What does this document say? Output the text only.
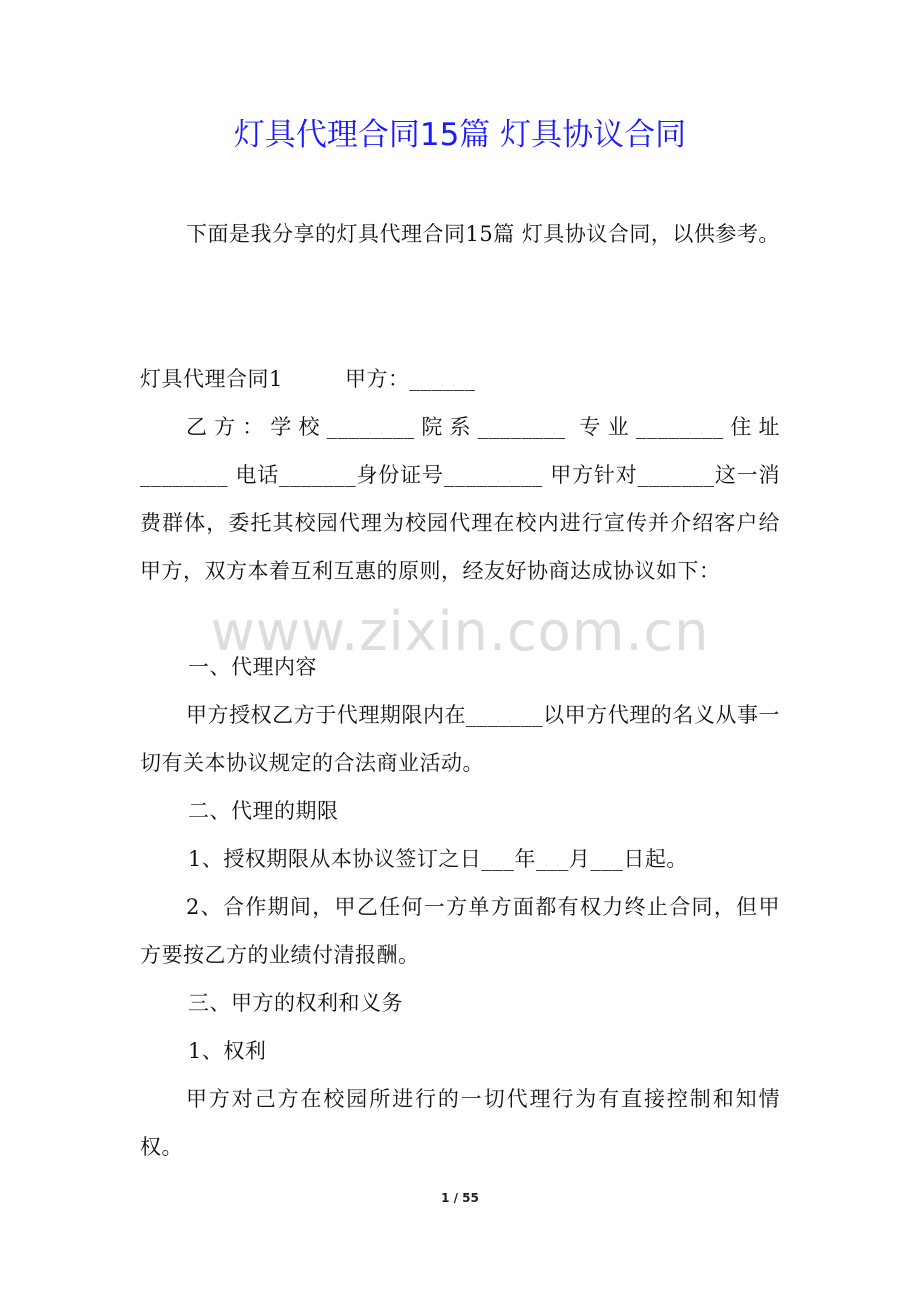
灯具代理合同15篇 灯具协议合同

下面是我分享的灯具代理合同15篇 灯具协议合同，以供参考。

灯具代理合同1	甲方：______

乙方：学校________院系________ 专业________住址________ 电话_______身份证号_________ 甲方针对_______这一消费群体，委托其校园代理为校园代理在校内进行宣传并介绍客户给甲方，双方本着互利互惠的原则，经友好协商达成协议如下：

一、代理内容

甲方授权乙方于代理期限内在_______以甲方代理的名义从事一切有关本协议规定的合法商业活动。

二、代理的期限

1、授权期限从本协议签订之日___年___月___日起。

2、合作期间，甲乙任何一方单方面都有权力终止合同，但甲方要按乙方的业绩付清报酬。

三、甲方的权利和义务

1、权利

甲方对己方在校园所进行的一切代理行为有直接控制和知情权。

www.zixin.com.cn
1 / 55
